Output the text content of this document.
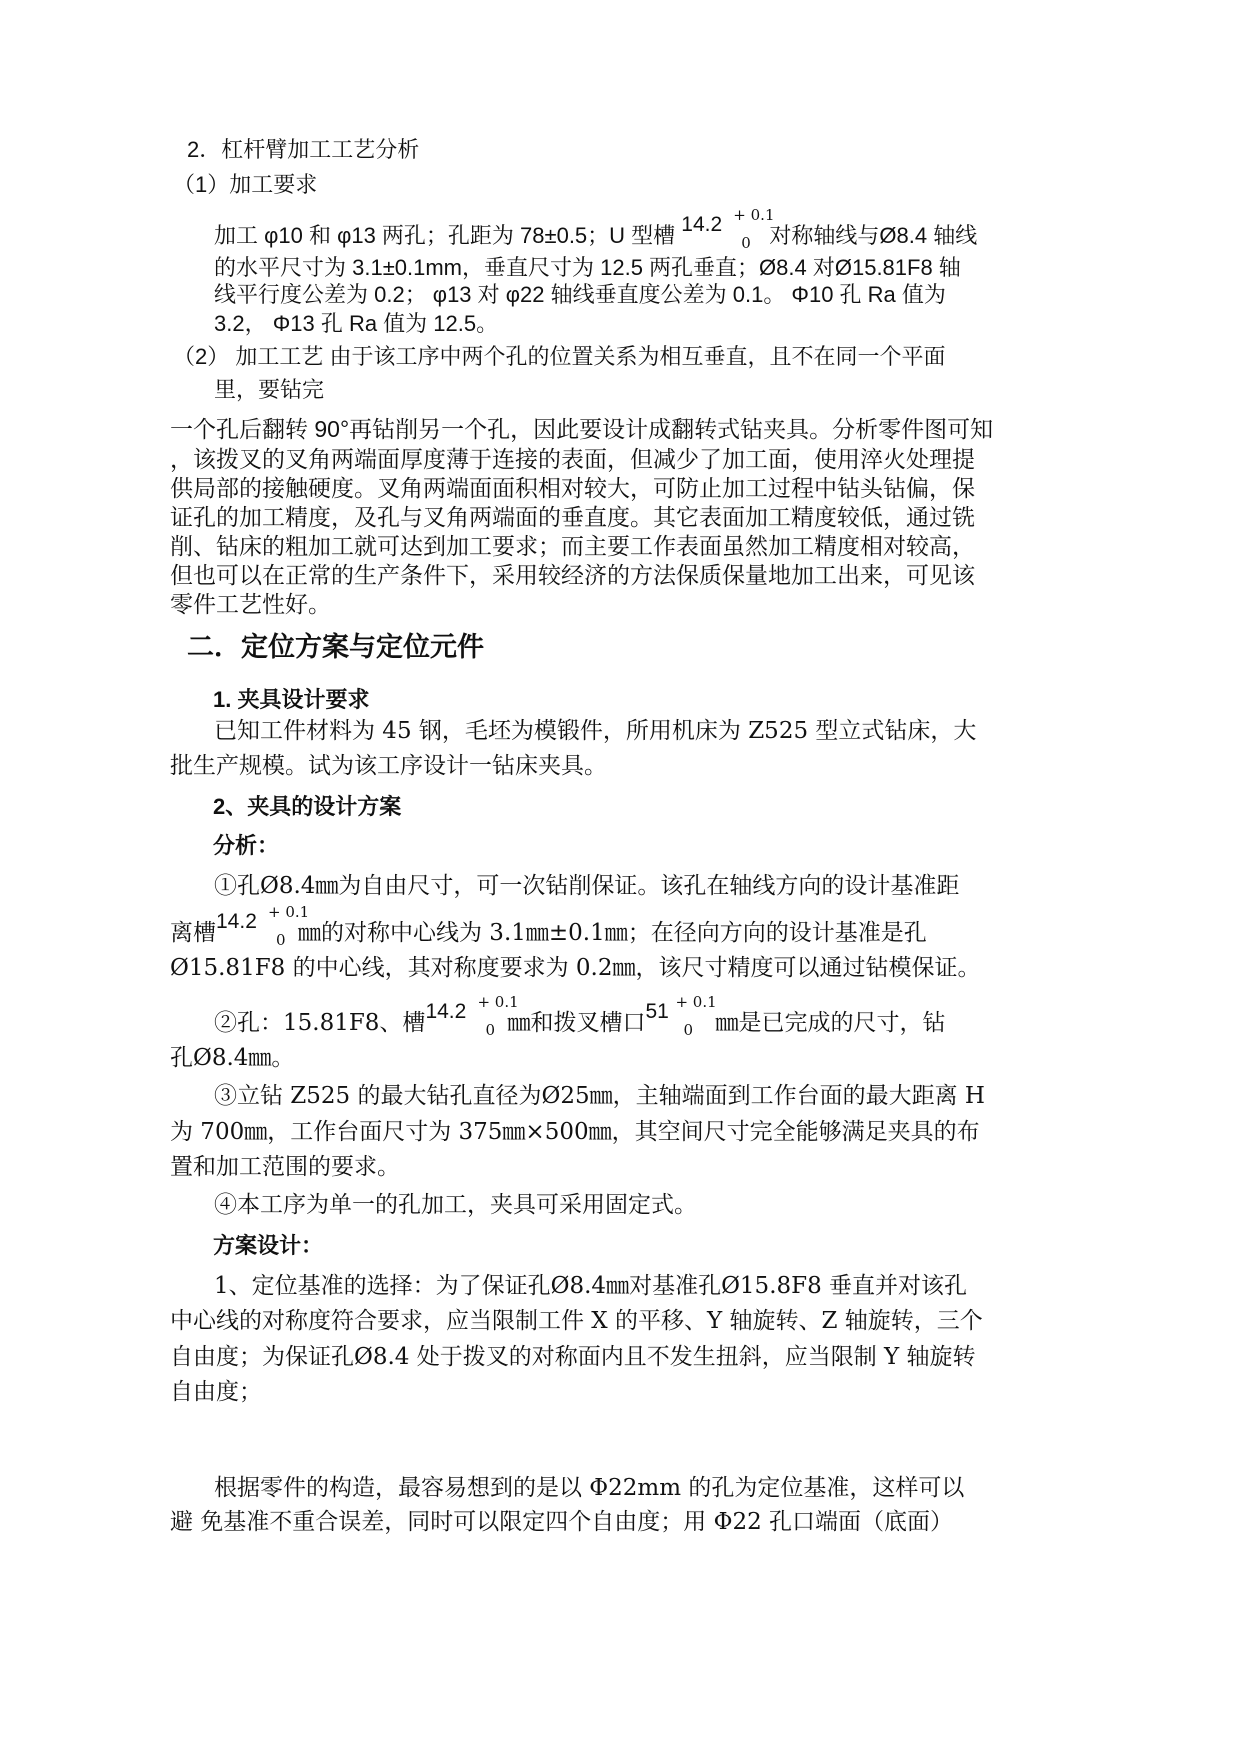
2．杠杆臂加工工艺分析
（1）加工要求
加工 φ10 和 φ13 两孔；孔距为 78±0.5；U 型槽 14.2 + 0.1
0 对称轴线与Ø8.4 轴线
的水平尺寸为 3.1±0.1mm，垂直尺寸为 12.5 两孔垂直；Ø8.4 对Ø15.81F8 轴
线平行度公差为 0.2； φ13 对 φ22 轴线垂直度公差为 0.1。 Φ10 孔 Ra 值为
3.2， Φ13 孔 Ra 值为 12.5。
（2） 加工工艺 由于该工序中两个孔的位置关系为相互垂直，且不在同一个平面
里，要钻完
一个孔后翻转 90°再钻削另一个孔，因此要设计成翻转式钻夹具。分析零件图可知
，该拨叉的叉角两端面厚度薄于连接的表面，但减少了加工面，使用淬火处理提
供局部的接触硬度。叉角两端面面积相对较大，可防止加工过程中钻头钻偏，保
证孔的加工精度，及孔与叉角两端面的垂直度。其它表面加工精度较低，通过铣
削、钻床的粗加工就可达到加工要求；而主要工作表面虽然加工精度相对较高，
但也可以在正常的生产条件下，采用较经济的方法保质保量地加工出来，可见该
零件工艺性好。
二．定位方案与定位元件
1. 夹具设计要求
已知工件材料为 45 钢，毛坯为模锻件，所用机床为 Z525 型立式钻床，大
批生产规模。试为该工序设计一钻床夹具。
2、夹具的设计方案
分析：
①孔Ø8.4㎜为自由尺寸，可一次钻削保证。该孔在轴线方向的设计基准距
离槽 14.2 + 0.1
0 ㎜的对称中心线为 3.1㎜±0.1㎜；在径向方向的设计基准是孔
Ø15.81F8 的中心线，其对称度要求为 0.2㎜，该尺寸精度可以通过钻模保证。
②孔：15.81F8、槽 14.2 + 0.1
0 ㎜和拨叉槽口 51 + 0.1
0 ㎜是已完成的尺寸，钻
孔Ø8.4㎜。
③立钻 Z525 的最大钻孔直径为Ø25㎜，主轴端面到工作台面的最大距离 H
为 700㎜，工作台面尺寸为 375㎜×500㎜，其空间尺寸完全能够满足夹具的布
置和加工范围的要求。
④本工序为单一的孔加工，夹具可采用固定式。
方案设计：
1、定位基准的选择：为了保证孔Ø8.4㎜对基准孔Ø15.8F8 垂直并对该孔
中心线的对称度符合要求，应当限制工件 X 的平移、Y 轴旋转、Z 轴旋转，三个
自由度；为保证孔Ø8.4 处于拨叉的对称面内且不发生扭斜，应当限制 Y 轴旋转
自由度；
根据零件的构造，最容易想到的是以 Φ22mm 的孔为定位基准，这样可以
避 免基准不重合误差，同时可以限定四个自由度；用 Φ22 孔口端面（底面）
